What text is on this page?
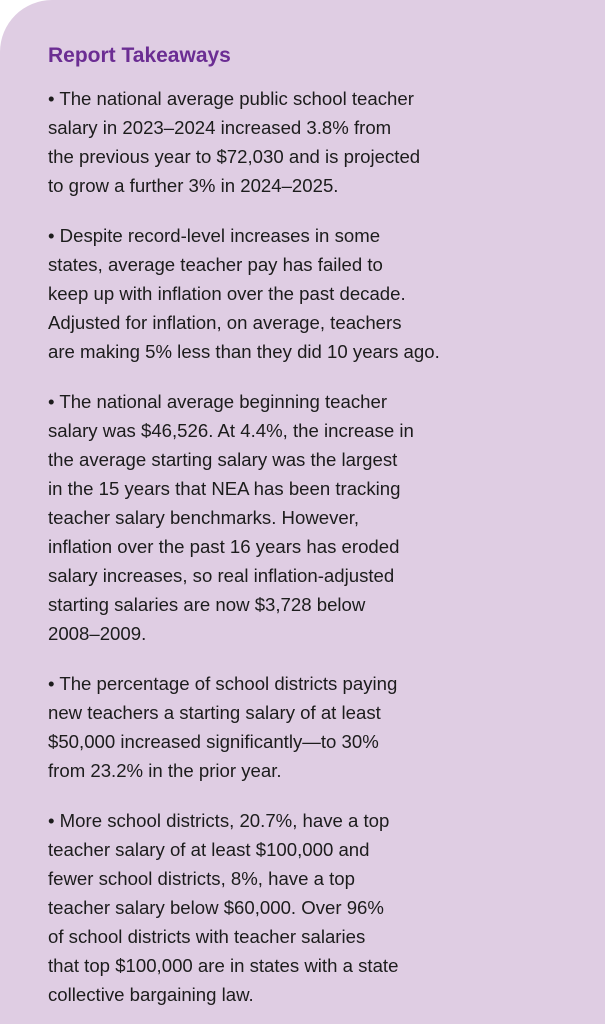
Report Takeaways

• The national average public school teacher
salary in 2023–2024 increased 3.8% from
the previous year to $72,030 and is projected
to grow a further 3% in 2024–2025.

• Despite record-level increases in some
states, average teacher pay has failed to
keep up with inflation over the past decade.
Adjusted for inflation, on average, teachers
are making 5% less than they did 10 years ago.

• The national average beginning teacher
salary was $46,526. At 4.4%, the increase in
the average starting salary was the largest
in the 15 years that NEA has been tracking
teacher salary benchmarks. However,
inflation over the past 16 years has eroded
salary increases, so real inflation-adjusted
starting salaries are now $3,728 below
2008–2009.

• The percentage of school districts paying
new teachers a starting salary of at least
$50,000 increased significantly—to 30%
from 23.2% in the prior year.

• More school districts, 20.7%, have a top
teacher salary of at least $100,000 and
fewer school districts, 8%, have a top
teacher salary below $60,000. Over 96%
of school districts with teacher salaries
that top $100,000 are in states with a state
collective bargaining law.
